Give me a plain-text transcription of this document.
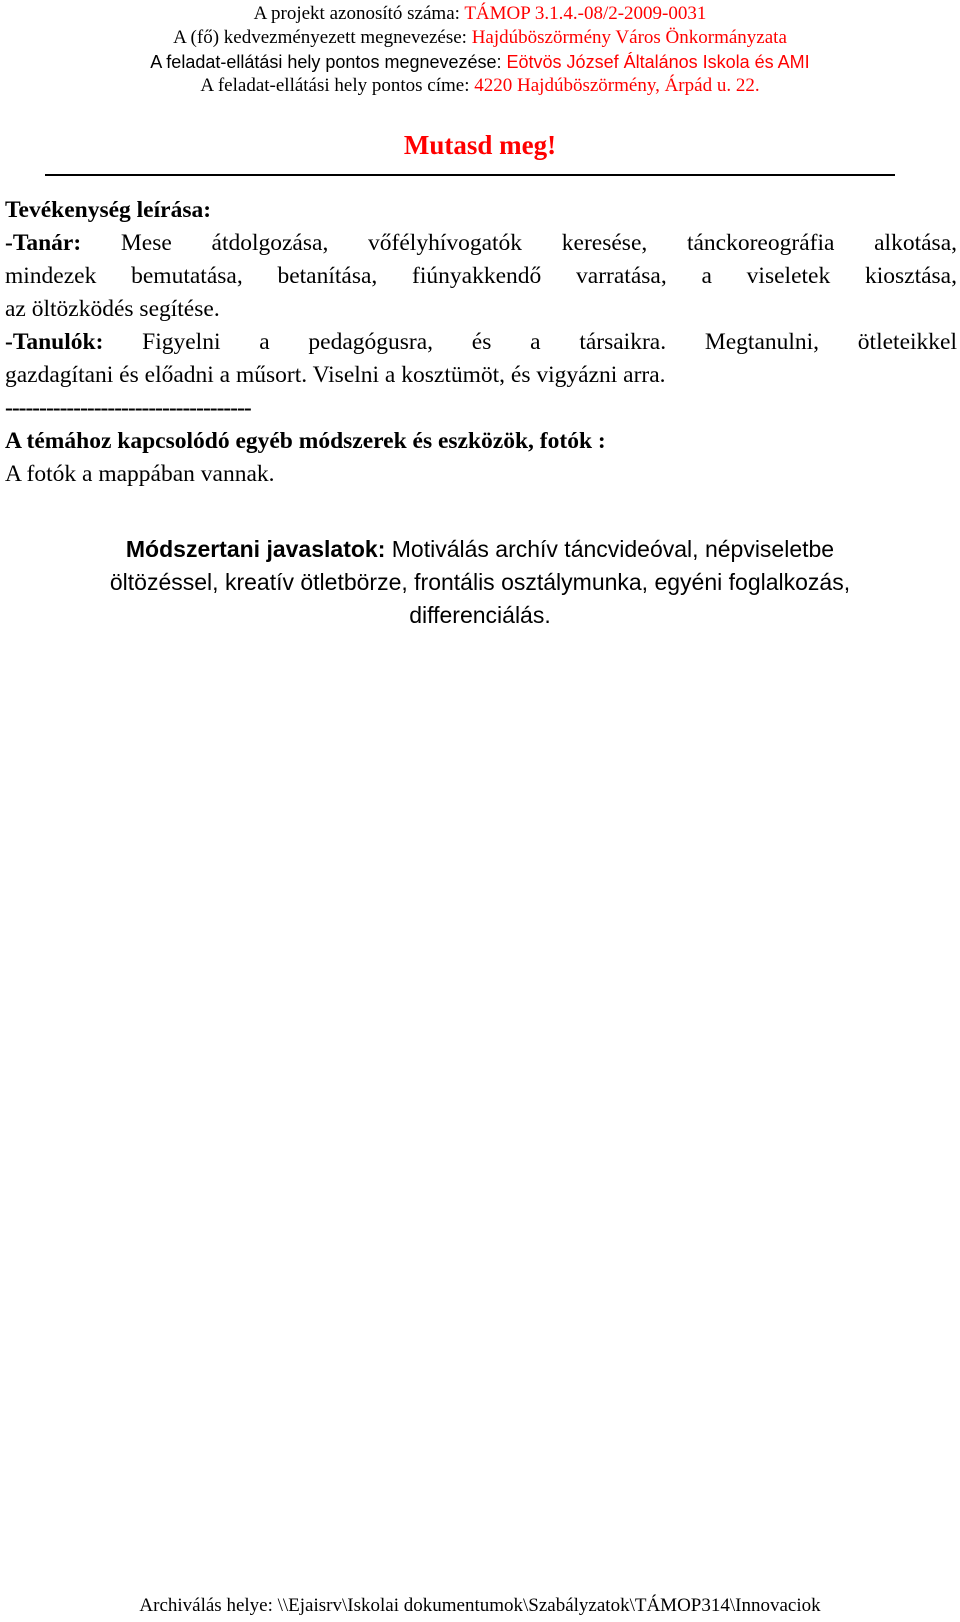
A projekt azonosító száma: TÁMOP 3.1.4.-08/2-2009-0031
A (fő) kedvezményezett megnevezése: Hajdúböszörmény Város Önkormányzata
A feladat-ellátási hely pontos megnevezése: Eötvös József Általános Iskola és AMI
A feladat-ellátási hely pontos címe: 4220 Hajdúböszörmény, Árpád u. 22.
Mutasd meg!

Tevékenység leírása:

-Tanár: Mese átdolgozása, vőfélyhívogatók keresése, tánckoreográfia alkotása,

mindezek bemutatása, betanítása, fiúnyakkendő varratása, a viseletek kiosztása,

az öltözködés segítése.

-Tanulók: Figyelni a pedagógusra, és a társaikra. Megtanulni, ötleteikkel

gazdagítani és előadni a műsort. Viselni a kosztümöt, és vigyázni arra.

------------------------------------

A témához kapcsolódó egyéb módszerek és eszközök, fotók :

A fotók a mappában vannak.

Módszertani javaslatok: Motiválás archív táncvideóval, népviseletbe
öltözéssel, kreatív ötletbörze, frontális osztálymunka, egyéni foglalkozás,
differenciálás.
Archiválás helye: \\Ejaisrv\Iskolai dokumentumok\Szabályzatok\TÁMOP314\Innovaciok
